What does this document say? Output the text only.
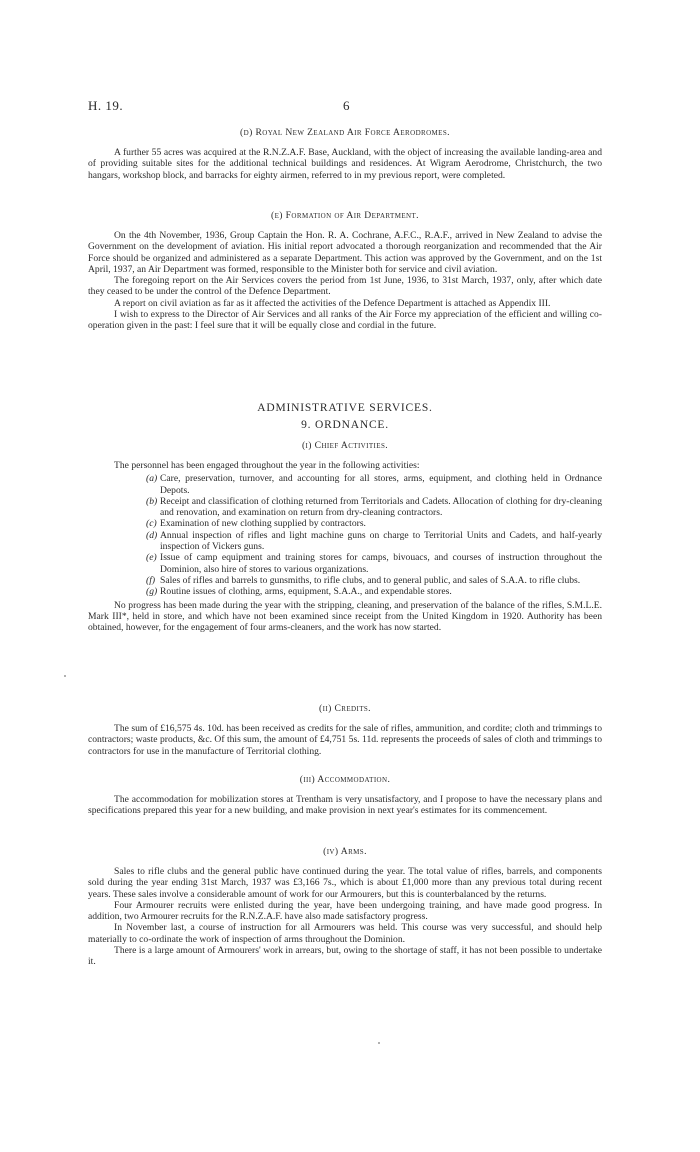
H. 19.	6
(d) Royal New Zealand Air Force Aerodromes.

A further 55 acres was acquired at the R.N.Z.A.F. Base, Auckland, with the object of increasing the available landing-area and of providing suitable sites for the additional technical buildings and residences. At Wigram Aerodrome, Christchurch, the two hangars, workshop block, and barracks for eighty airmen, referred to in my previous report, were completed.

(e) Formation of Air Department.

On the 4th November, 1936, Group Captain the Hon. R. A. Cochrane, A.F.C., R.A.F., arrived in New Zealand to advise the Government on the development of aviation. His initial report advocated a thorough reorganization and recommended that the Air Force should be organized and administered as a separate Department. This action was approved by the Government, and on the 1st April, 1937, an Air Department was formed, responsible to the Minister both for service and civil aviation.

The foregoing report on the Air Services covers the period from 1st June, 1936, to 31st March, 1937, only, after which date they ceased to be under the control of the Defence Department.

A report on civil aviation as far as it affected the activities of the Defence Department is attached as Appendix III.

I wish to express to the Director of Air Services and all ranks of the Air Force my appreciation of the efficient and willing co-operation given in the past: I feel sure that it will be equally close and cordial in the future.

ADMINISTRATIVE SERVICES.
9. ORDNANCE.
(i) Chief Activities.

The personnel has been engaged throughout the year in the following activities:

(a) Care, preservation, turnover, and accounting for all stores, arms, equipment, and clothing held in Ordnance Depots.
(b) Receipt and classification of clothing returned from Territorials and Cadets. Allocation of clothing for dry-cleaning and renovation, and examination on return from dry-cleaning contractors.
(c) Examination of new clothing supplied by contractors.
(d) Annual inspection of rifles and light machine guns on charge to Territorial Units and Cadets, and half-yearly inspection of Vickers guns.
(e) Issue of camp equipment and training stores for camps, bivouacs, and courses of instruction throughout the Dominion, also hire of stores to various organizations.
(f) Sales of rifles and barrels to gunsmiths, to rifle clubs, and to general public, and sales of S.A.A. to rifle clubs.
(g) Routine issues of clothing, arms, equipment, S.A.A., and expendable stores.

No progress has been made during the year with the stripping, cleaning, and preservation of the balance of the rifles, S.M.L.E. Mark III*, held in store, and which have not been examined since receipt from the United Kingdom in 1920. Authority has been obtained, however, for the engagement of four arms-cleaners, and the work has now started.

(ii) Credits.

The sum of £16,575 4s. 10d. has been received as credits for the sale of rifles, ammunition, and cordite; cloth and trimmings to contractors; waste products, &c. Of this sum, the amount of £4,751 5s. 11d. represents the proceeds of sales of cloth and trimmings to contractors for use in the manufacture of Territorial clothing.

(iii) Accommodation.

The accommodation for mobilization stores at Trentham is very unsatisfactory, and I propose to have the necessary plans and specifications prepared this year for a new building, and make provision in next year's estimates for its commencement.

(iv) Arms.

Sales to rifle clubs and the general public have continued during the year. The total value of rifles, barrels, and components sold during the year ending 31st March, 1937 was £3,166 7s., which is about £1,000 more than any previous total during recent years. These sales involve a considerable amount of work for our Armourers, but this is counterbalanced by the returns.

Four Armourer recruits were enlisted during the year, have been undergoing training, and have made good progress. In addition, two Armourer recruits for the R.N.Z.A.F. have also made satisfactory progress.

In November last, a course of instruction for all Armourers was held. This course was very successful, and should help materially to co-ordinate the work of inspection of arms throughout the Dominion.

There is a large amount of Armourers' work in arrears, but, owing to the shortage of staff, it has not been possible to undertake it.
